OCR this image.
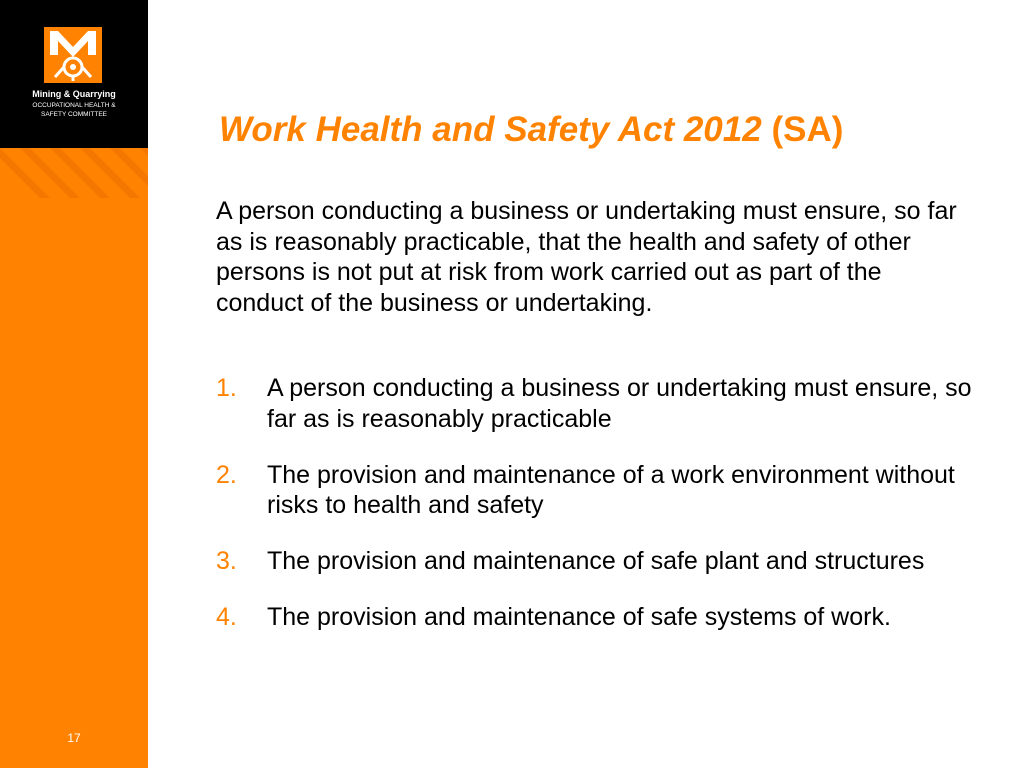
Mining & Quarrying
OCCUPATIONAL HEALTH &
SAFETY COMMITTEE
17
Work Health and Safety Act 2012 (SA)
A person conducting a business or undertaking must ensure, so far as is reasonably practicable, that the health and safety of other persons is not put at risk from work carried out as part of the conduct of the business or undertaking.
1. A person conducting a business or undertaking must ensure, so far as is reasonably practicable
2. The provision and maintenance of a work environment without risks to health and safety
3. The provision and maintenance of safe plant and structures
4. The provision and maintenance of safe systems of work.
